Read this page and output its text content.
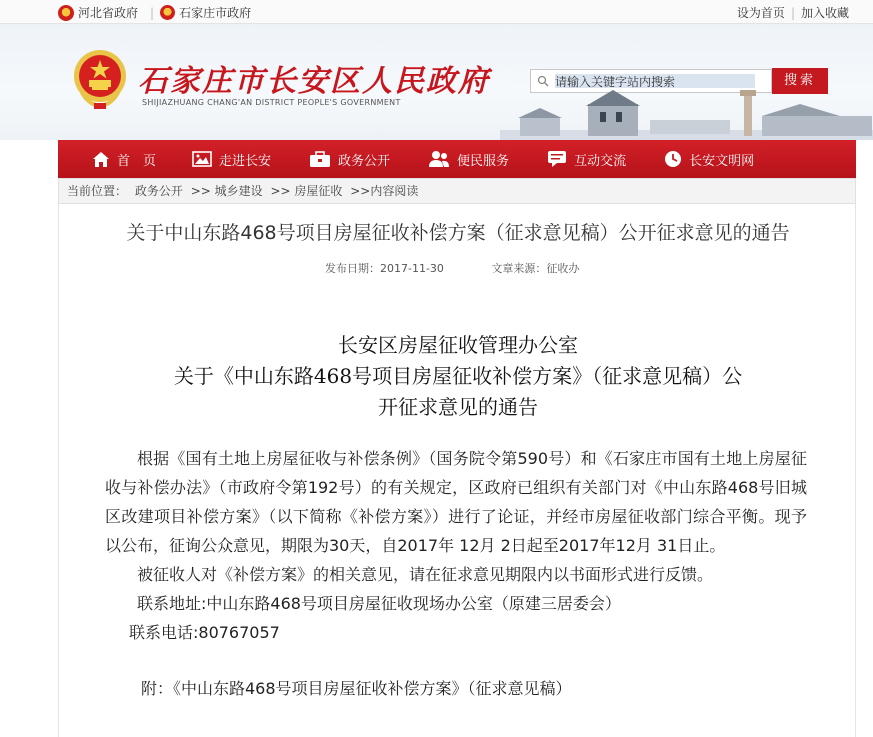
河北省政府 | 石家庄市政府	设为首页 | 加入收藏
石家庄市长安区人民政府
SHIJIAZHUANG CHANG'AN DISTRICT PEOPLE'S GOVERNMENT
请输入关键字站内搜索
搜索
首　页	走进长安	政务公开	便民服务	互动交流	长安文明网
当前位置： 政务公开 >> 城乡建设 >> 房屋征收 >>内容阅读
关于中山东路468号项目房屋征收补偿方案（征求意见稿）公开征求意见的通告
发布日期：2017-11-30	文章来源：征收办
长安区房屋征收管理办公室
关于《中山东路468号项目房屋征收补偿方案》（征求意见稿）公
开征求意见的通告

根据《国有土地上房屋征收与补偿条例》（国务院令第590号）和《石家庄市国有土地上房屋征收与补偿办法》（市政府令第192号）的有关规定，区政府已组织有关部门对《中山东路468号旧城区改建项目补偿方案》（以下简称《补偿方案》）进行了论证，并经市房屋征收部门综合平衡。现予以公布，征询公众意见，期限为30天，自2017年 12月 2日起至2017年12月 31日止。

被征收人对《补偿方案》的相关意见，请在征求意见期限内以书面形式进行反馈。

联系地址:中山东路468号项目房屋征收现场办公室（原建三居委会）

联系电话:80767057

附：《中山东路468号项目房屋征收补偿方案》（征求意见稿）
